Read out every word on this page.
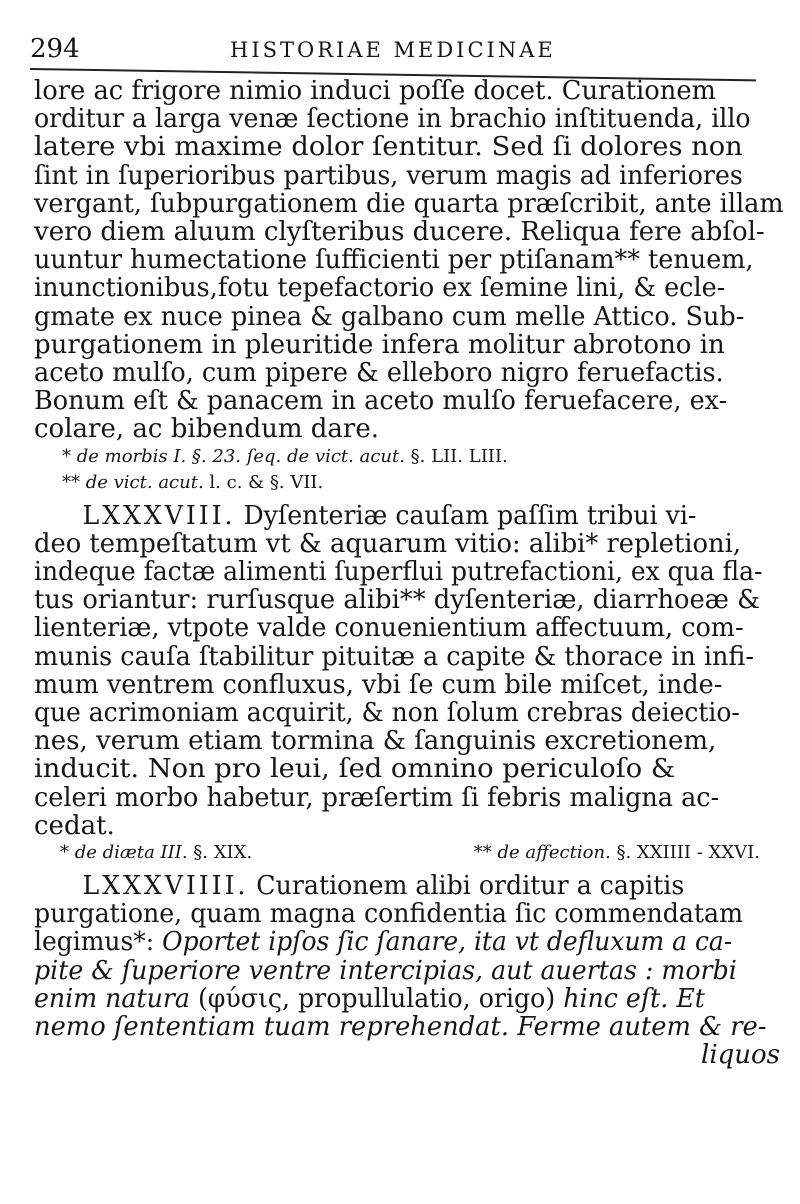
294	HISTORIAE MEDICINAE
lore ac frigore nimio induci poſſe docet. Curationem
orditur a larga venæ ſectione in brachio inſtituenda, illo
latere vbi maxime dolor ſentitur. Sed ſi dolores non
ſint in ſuperioribus partibus, verum magis ad inferiores
vergant, ſubpurgationem die quarta præſcribit, ante illam
vero diem aluum clyſteribus ducere. Reliqua fere abſol-
uuntur humectatione ſufficienti per ptiſanam** tenuem,
inunctionibus,fotu tepefactorio ex ſemine lini, & ecle-
gmate ex nuce pinea & galbano cum melle Attico. Sub-
purgationem in pleuritide infera molitur abrotono in
aceto mulſo, cum pipere & elleboro nigro feruefactis.
Bonum eſt & panacem in aceto mulſo feruefacere, ex-
colare, ac bibendum dare.
* de morbis I. §. 23. ſeq. de vict. acut. §. LII. LIII.
** de vict. acut. l. c. & §. VII.
LXXXVIII. Dyſenteriæ cauſam paſſim tribui vi-
deo tempeſtatum vt & aquarum vitio: alibi* repletioni,
indeque factæ alimenti ſuperflui putrefactioni, ex qua fla-
tus oriantur: rurſusque alibi** dyſenteriæ, diarrhoeæ &
lienteriæ, vtpote valde conuenientium affectuum, com-
munis cauſa ſtabilitur pituitæ a capite & thorace in infi-
mum ventrem confluxus, vbi ſe cum bile miſcet, inde-
que acrimoniam acquirit, & non ſolum crebras deiectio-
nes, verum etiam tormina & ſanguinis excretionem,
inducit. Non pro leui, ſed omnino periculoſo &
celeri morbo habetur, præſertim ſi febris maligna ac-
cedat.
* de diæta III. §. XIX.	** de affection. §. XXIIII - XXVI.
LXXXVIIII. Curationem alibi orditur a capitis
purgatione, quam magna confidentia ſic commendatam
legimus*: Oportet ipſos ſic ſanare, ita vt defluxum a ca-
pite & ſuperiore ventre intercipias, aut auertas : morbi
enim natura (φύσις, propullulatio, origo) hinc eſt. Et
nemo ſententiam tuam reprehendat. Ferme autem & re-
liquos
